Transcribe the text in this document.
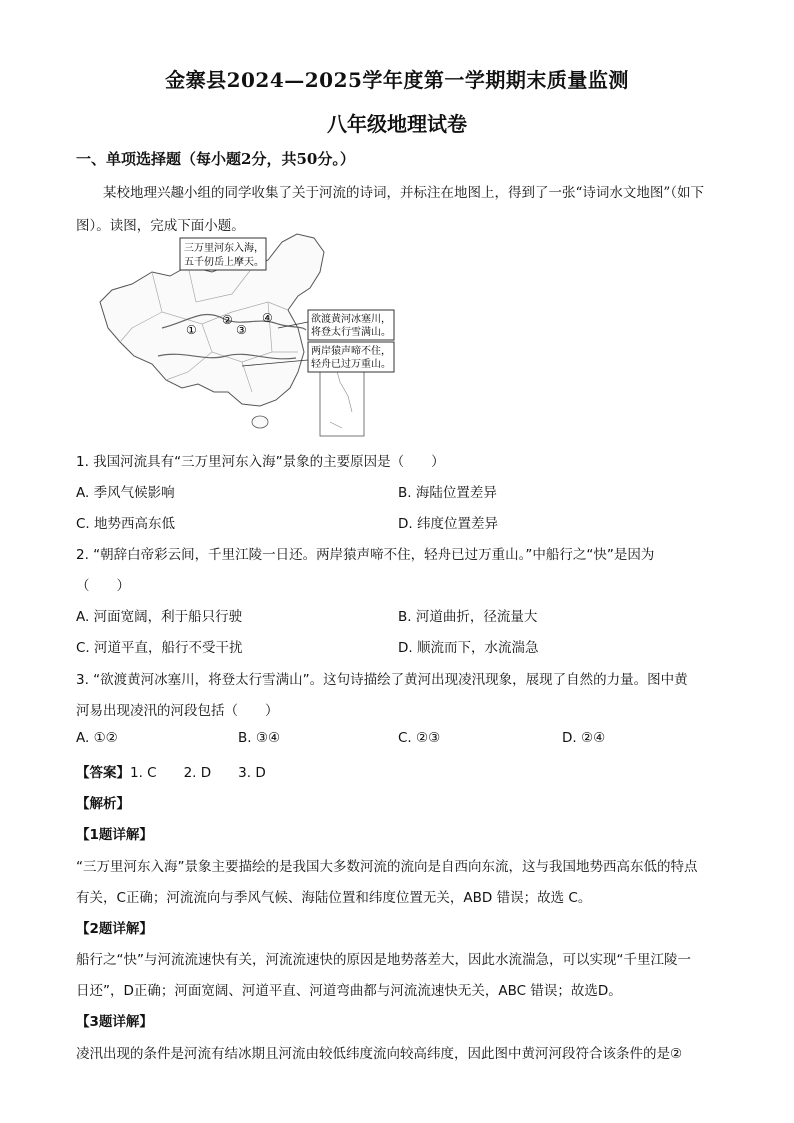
金寨县2024—2025学年度第一学期期末质量监测
八年级地理试卷
一、单项选择题（每小题2分，共50分。）
某校地理兴趣小组的同学收集了关于河流的诗词，并标注在地图上，得到了一张“诗词水文地图”（如下图）。读图，完成下面小题。
①
②
③
④
三万里河东入海，
五千仞岳上摩天。
欲渡黄河冰塞川，
将登太行雪满山。
两岸猿声啼不住，
轻舟已过万重山。
1. 我国河流具有“三万里河东入海”景象的主要原因是（　　）
A. 季风气候影响	B. 海陆位置差异
C. 地势西高东低	D. 纬度位置差异
2. “朝辞白帝彩云间，千里江陵一日还。两岸猿声啼不住，轻舟已过万重山。”中船行之“快”是因为
（　　）
A. 河面宽阔，利于船只行驶	B. 河道曲折，径流量大
C. 河道平直，船行不受干扰	D. 顺流而下，水流湍急
3. “欲渡黄河冰塞川，将登太行雪满山”。这句诗描绘了黄河出现凌汛现象，展现了自然的力量。图中黄
河易出现凌汛的河段包括（　　）
A. ①②	B. ③④	C. ②③	D. ②④
【答案】1. C　　2. D　　3. D
【解析】
【1题详解】
“三万里河东入海”景象主要描绘的是我国大多数河流的流向是自西向东流，这与我国地势西高东低的特点
有关，C正确；河流流向与季风气候、海陆位置和纬度位置无关，ABD 错误；故选 C。
【2题详解】
船行之“快”与河流流速快有关，河流流速快的原因是地势落差大，因此水流湍急，可以实现“千里江陵一
日还”，D正确；河面宽阔、河道平直、河道弯曲都与河流流速快无关，ABC 错误；故选D。
【3题详解】
凌汛出现的条件是河流有结冰期且河流由较低纬度流向较高纬度，因此图中黄河河段符合该条件的是②
